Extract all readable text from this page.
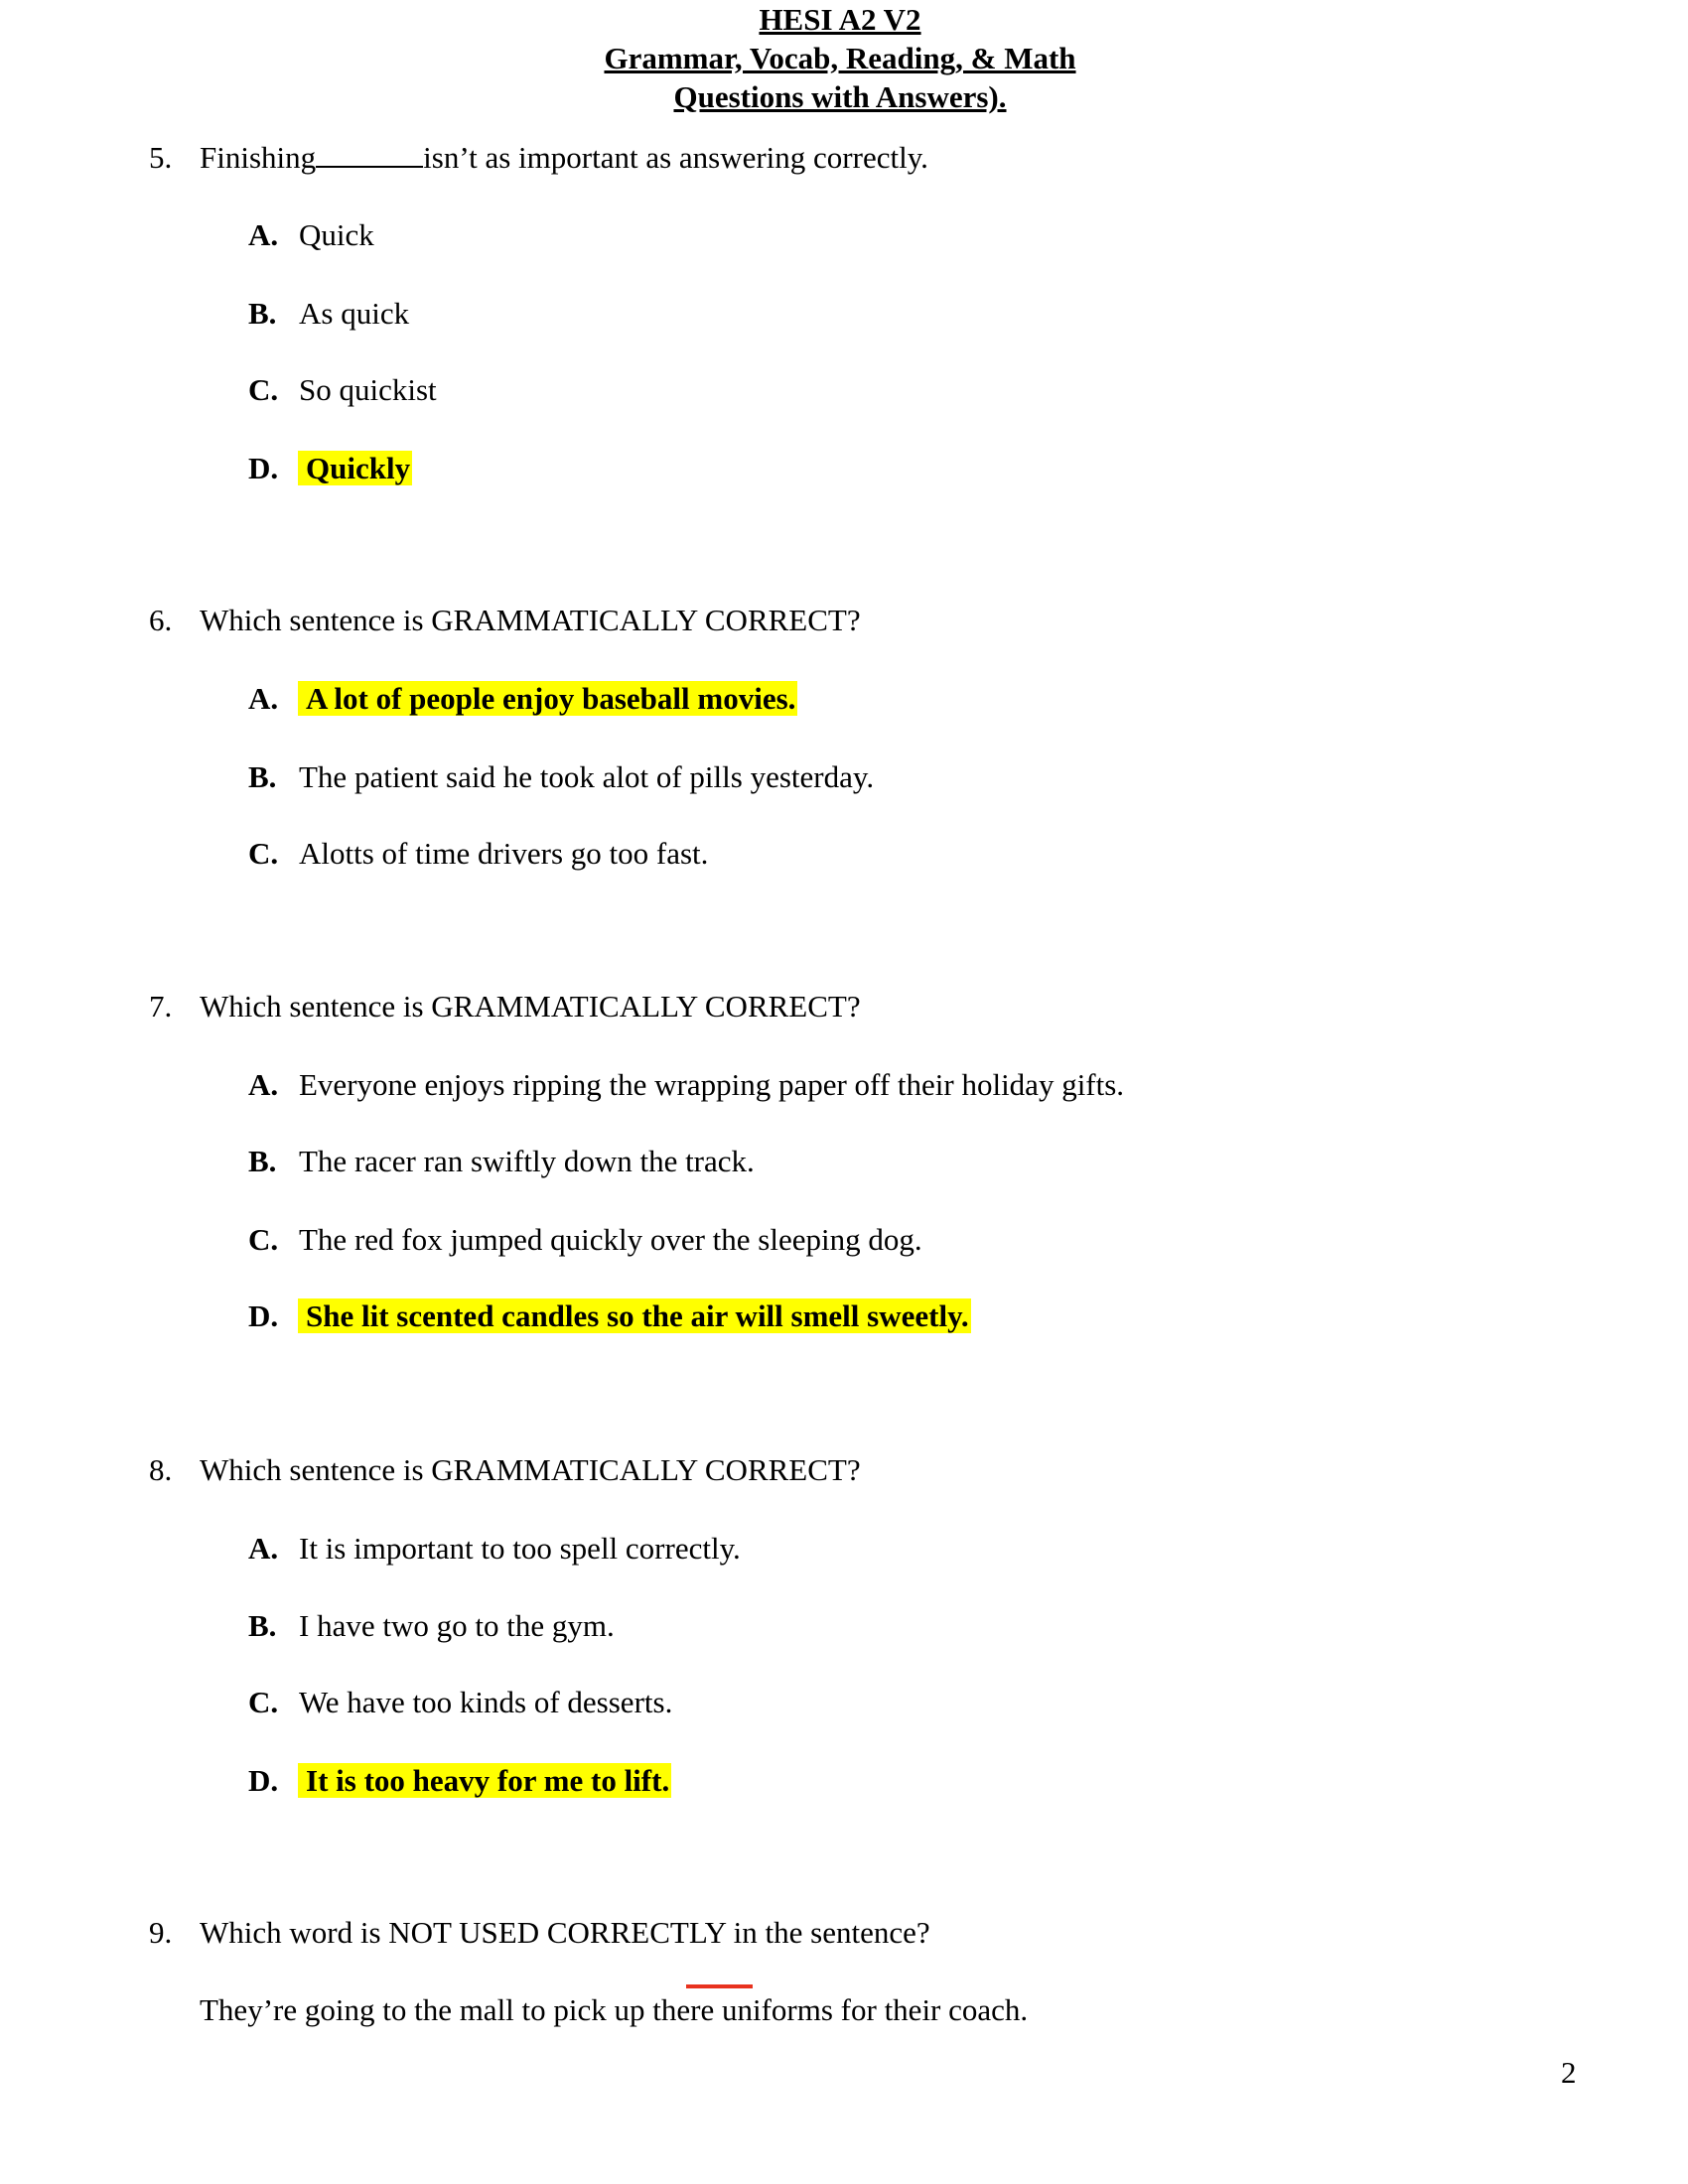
HESI A2 V2
Grammar, Vocab, Reading, & Math
Questions with Answers).
5. Finishing	isn’t as important as answering correctly.
A. Quick
B. As quick
C. So quickist
D. Quickly
6. Which sentence is GRAMMATICALLY CORRECT?
A. A lot of people enjoy baseball movies.
B. The patient said he took alot of pills yesterday.
C. Alotts of time drivers go too fast.
7. Which sentence is GRAMMATICALLY CORRECT?
A. Everyone enjoys ripping the wrapping paper off their holiday gifts.
B. The racer ran swiftly down the track.
C. The red fox jumped quickly over the sleeping dog.
D. She lit scented candles so the air will smell sweetly.
8. Which sentence is GRAMMATICALLY CORRECT?
A. It is important to too spell correctly.
B. I have two go to the gym.
C. We have too kinds of desserts.
D. It is too heavy for me to lift.
9. Which word is NOT USED CORRECTLY in the sentence?
They’re going to the mall to pick up there uniforms for their coach.
2
